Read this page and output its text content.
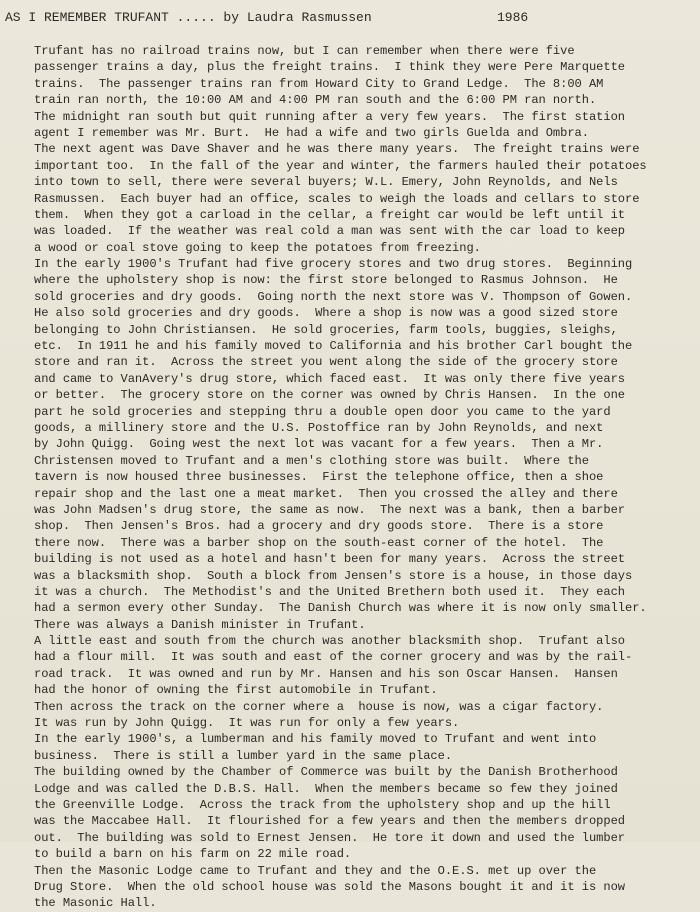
AS I REMEMBER TRUFANT ..... by Laudra Rasmussen	1986
Trufant has no railroad trains now, but I can remember when there were five
passenger trains a day, plus the freight trains.  I think they were Pere Marquette
trains.  The passenger trains ran from Howard City to Grand Ledge.  The 8:00 AM
train ran north, the 10:00 AM and 4:00 PM ran south and the 6:00 PM ran north.
The midnight ran south but quit running after a very few years.  The first station
agent I remember was Mr. Burt.  He had a wife and two girls Guelda and Ombra.
The next agent was Dave Shaver and he was there many years.  The freight trains were
important too.  In the fall of the year and winter, the farmers hauled their potatoes
into town to sell, there were several buyers; W.L. Emery, John Reynolds, and Nels
Rasmussen.  Each buyer had an office, scales to weigh the loads and cellars to store
them.  When they got a carload in the cellar, a freight car would be left until it
was loaded.  If the weather was real cold a man was sent with the car load to keep
a wood or coal stove going to keep the potatoes from freezing.
In the early 1900's Trufant had five grocery stores and two drug stores.  Beginning
where the upholstery shop is now: the first store belonged to Rasmus Johnson.  He
sold groceries and dry goods.  Going north the next store was V. Thompson of Gowen.
He also sold groceries and dry goods.  Where a shop is now was a good sized store
belonging to John Christiansen.  He sold groceries, farm tools, buggies, sleighs,
etc.  In 1911 he and his family moved to California and his brother Carl bought the
store and ran it.  Across the street you went along the side of the grocery store
and came to VanAvery's drug store, which faced east.  It was only there five years
or better.  The grocery store on the corner was owned by Chris Hansen.  In the one
part he sold groceries and stepping thru a double open door you came to the yard
goods, a millinery store and the U.S. Postoffice ran by John Reynolds, and next
by John Quigg.  Going west the next lot was vacant for a few years.  Then a Mr.
Christensen moved to Trufant and a men's clothing store was built.  Where the
tavern is now housed three businesses.  First the telephone office, then a shoe
repair shop and the last one a meat market.  Then you crossed the alley and there
was John Madsen's drug store, the same as now.  The next was a bank, then a barber
shop.  Then Jensen's Bros. had a grocery and dry goods store.  There is a store
there now.  There was a barber shop on the south-east corner of the hotel.  The
building is not used as a hotel and hasn't been for many years.  Across the street
was a blacksmith shop.  South a block from Jensen's store is a house, in those days
it was a church.  The Methodist's and the United Brethern both used it.  They each
had a sermon every other Sunday.  The Danish Church was where it is now only smaller.
There was always a Danish minister in Trufant.
A little east and south from the church was another blacksmith shop.  Trufant also
had a flour mill.  It was south and east of the corner grocery and was by the rail-
road track.  It was owned and run by Mr. Hansen and his son Oscar Hansen.  Hansen
had the honor of owning the first automobile in Trufant.
Then across the track on the corner where a  house is now, was a cigar factory.
It was run by John Quigg.  It was run for only a few years.
In the early 1900's, a lumberman and his family moved to Trufant and went into
business.  There is still a lumber yard in the same place.
The building owned by the Chamber of Commerce was built by the Danish Brotherhood
Lodge and was called the D.B.S. Hall.  When the members became so few they joined
the Greenville Lodge.  Across the track from the upholstery shop and up the hill
was the Maccabee Hall.  It flourished for a few years and then the members dropped
out.  The building was sold to Ernest Jensen.  He tore it down and used the lumber
to build a barn on his farm on 22 mile road.
Then the Masonic Lodge came to Trufant and they and the O.E.S. met up over the
Drug Store.  When the old school house was sold the Masons bought it and it is now
the Masonic Hall.
